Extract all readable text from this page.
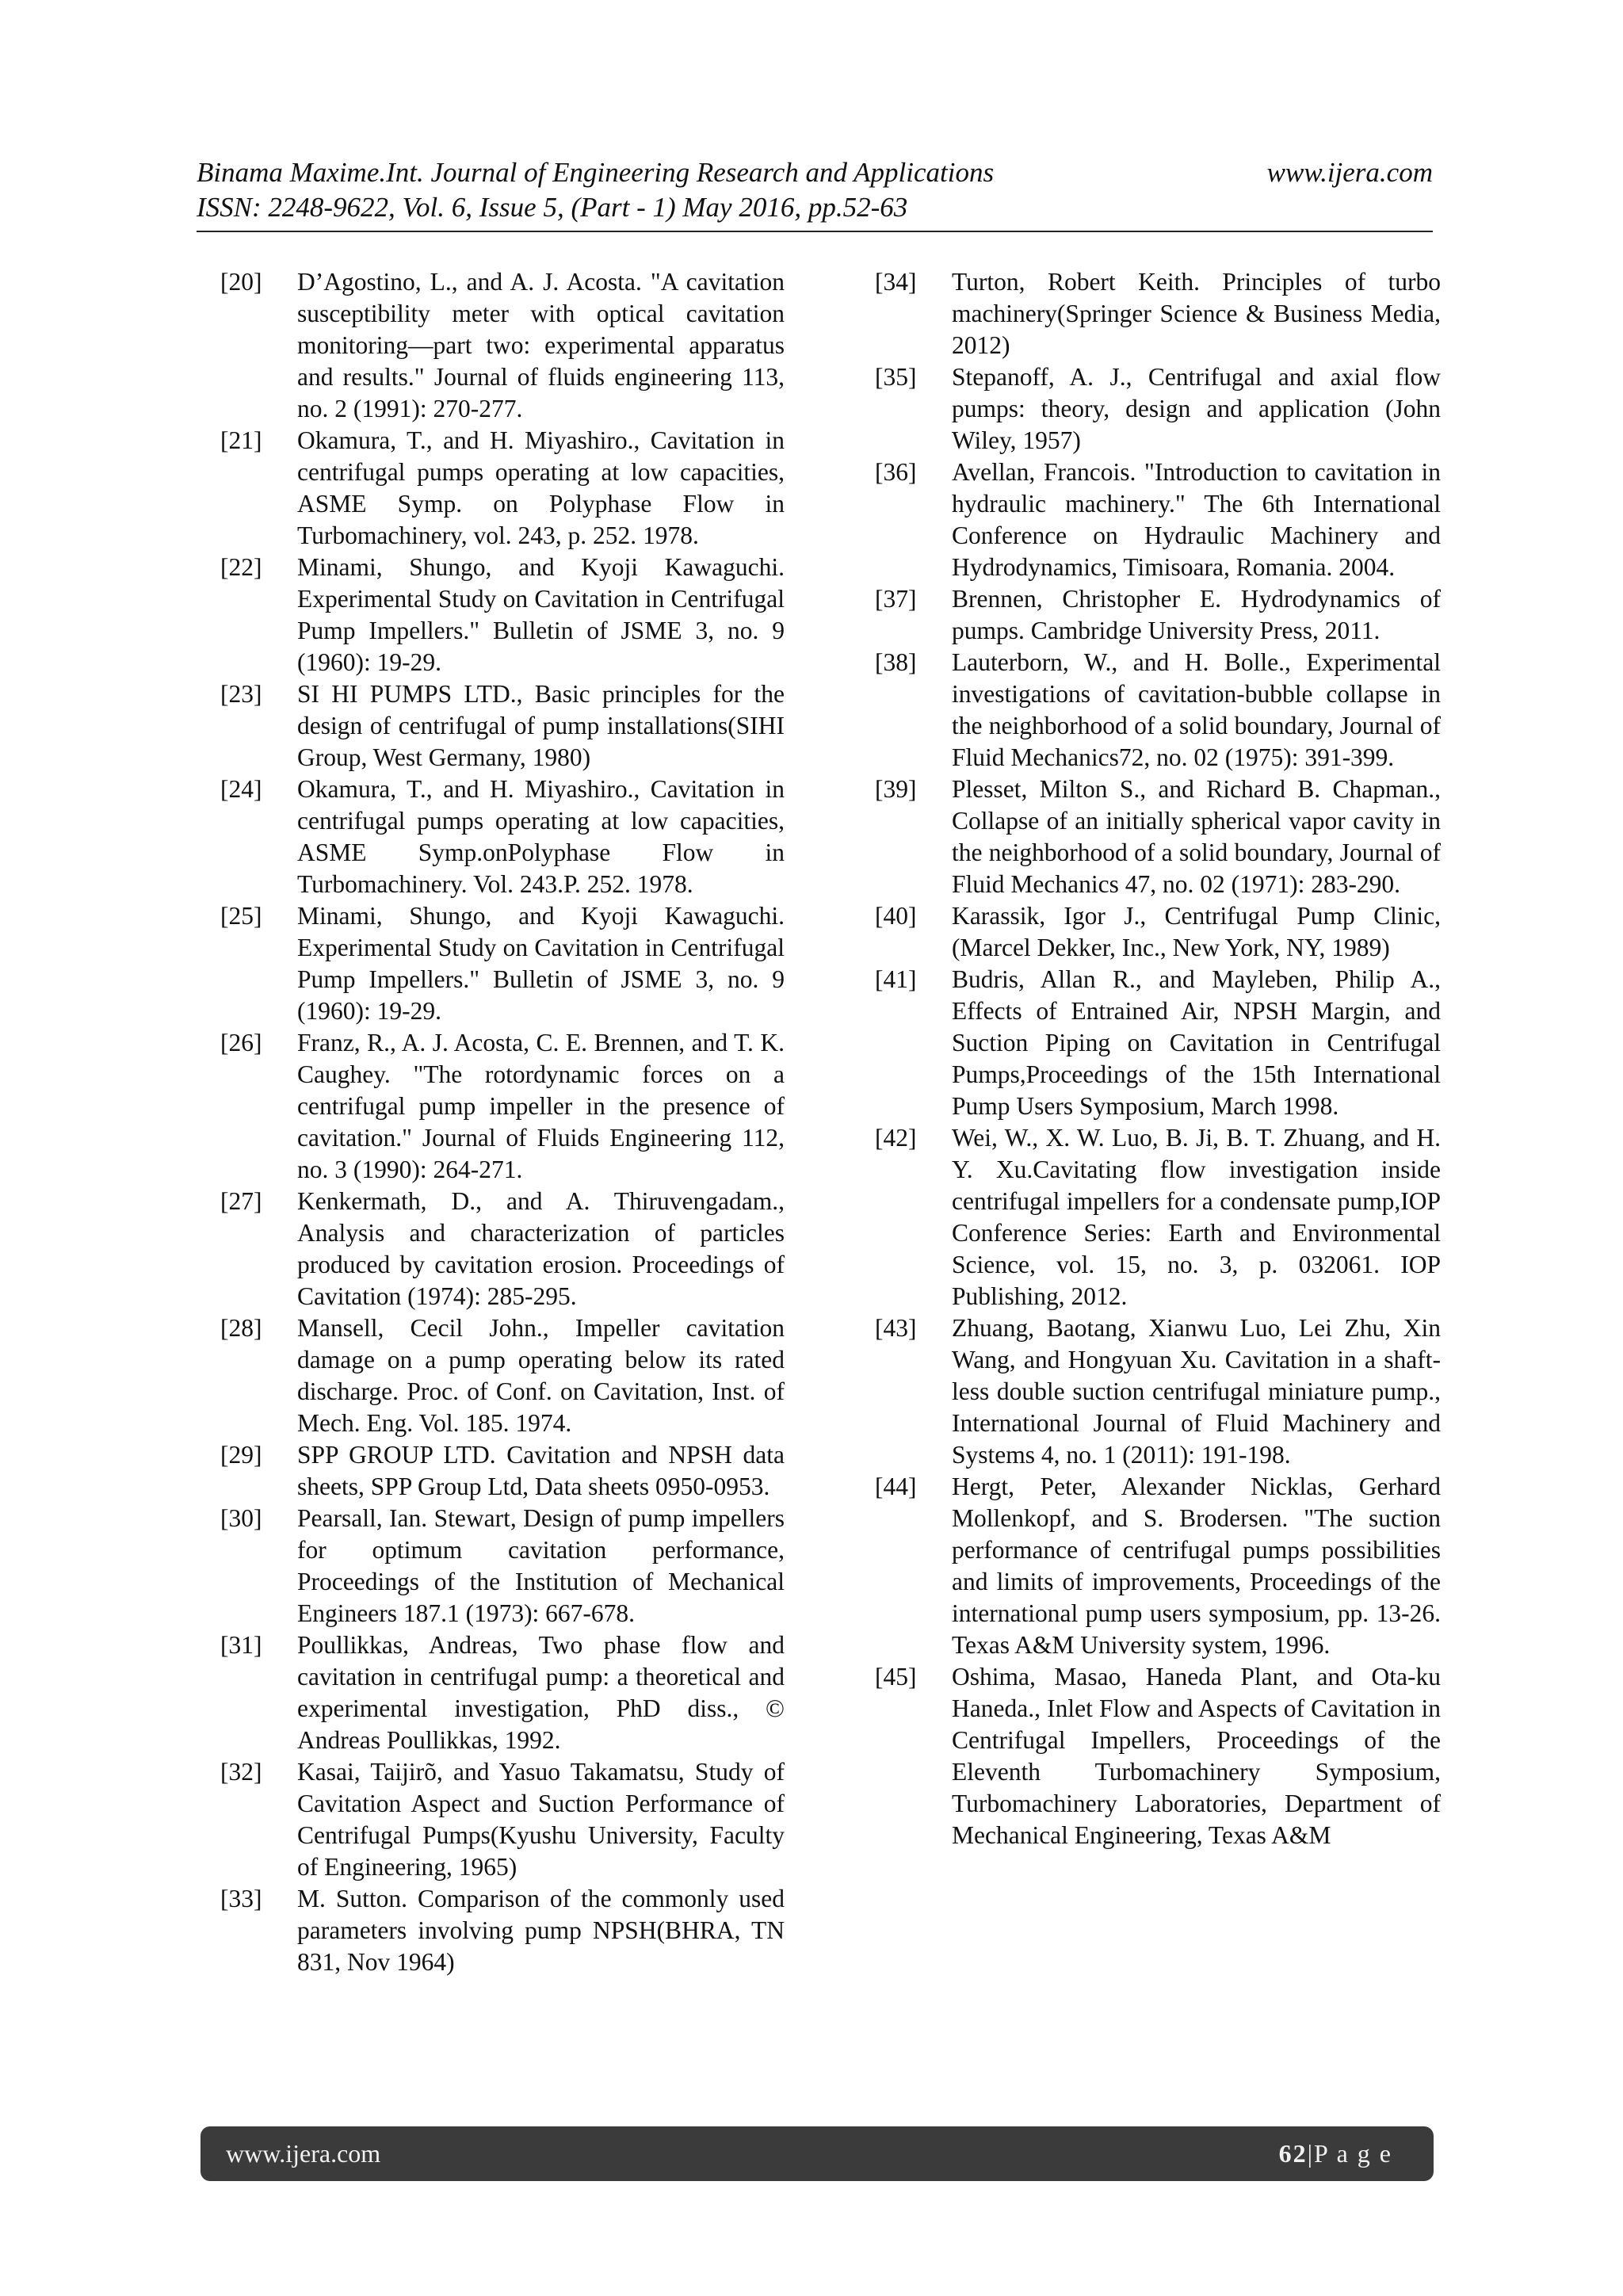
Binama Maxime.Int. Journal of Engineering Research and Applications	www.ijera.com
ISSN: 2248-9622, Vol. 6, Issue 5, (Part - 1) May 2016, pp.52-63
[20]	D’Agostino, L., and A. J. Acosta. "A cavitation susceptibility meter with optical cavitation monitoring—part two: experimental apparatus and results." Journal of fluids engineering 113, no. 2 (1991): 270-277.
[21]	Okamura, T., and H. Miyashiro., Cavitation in centrifugal pumps operating at low capacities, ASME Symp. on Polyphase Flow in Turbomachinery, vol. 243, p. 252. 1978.
[22]	Minami, Shungo, and Kyoji Kawaguchi. Experimental Study on Cavitation in Centrifugal Pump Impellers." Bulletin of JSME 3, no. 9 (1960): 19-29.
[23]	SI HI PUMPS LTD., Basic principles for the design of centrifugal of pump installations(SIHI Group, West Germany, 1980)
[24]	Okamura, T., and H. Miyashiro., Cavitation in centrifugal pumps operating at low capacities, ASME Symp.onPolyphase Flow in Turbomachinery. Vol. 243.P. 252. 1978.
[25]	Minami, Shungo, and Kyoji Kawaguchi. Experimental Study on Cavitation in Centrifugal Pump Impellers." Bulletin of JSME 3, no. 9 (1960): 19-29.
[26]	Franz, R., A. J. Acosta, C. E. Brennen, and T. K. Caughey. "The rotordynamic forces on a centrifugal pump impeller in the presence of cavitation." Journal of Fluids Engineering 112, no. 3 (1990): 264-271.
[27]	Kenkermath, D., and A. Thiruvengadam., Analysis and characterization of particles produced by cavitation erosion. Proceedings of Cavitation (1974): 285-295.
[28]	Mansell, Cecil John., Impeller cavitation damage on a pump operating below its rated discharge. Proc. of Conf. on Cavitation, Inst. of Mech. Eng. Vol. 185. 1974.
[29]	SPP GROUP LTD. Cavitation and NPSH data sheets, SPP Group Ltd, Data sheets 0950-0953.
[30]	Pearsall, Ian. Stewart, Design of pump impellers for optimum cavitation performance, Proceedings of the Institution of Mechanical Engineers 187.1 (1973): 667-678.
[31]	Poullikkas, Andreas, Two phase flow and cavitation in centrifugal pump: a theoretical and experimental investigation, PhD diss., © Andreas Poullikkas, 1992.
[32]	Kasai, Taijirõ, and Yasuo Takamatsu, Study of Cavitation Aspect and Suction Performance of Centrifugal Pumps(Kyushu University, Faculty of Engineering, 1965)
[33]	M. Sutton. Comparison of the commonly used parameters involving pump NPSH(BHRA, TN 831, Nov 1964)
[34]	Turton, Robert Keith. Principles of turbo machinery(Springer Science & Business Media, 2012)
[35]	Stepanoff, A. J., Centrifugal and axial flow pumps: theory, design and application (John Wiley, 1957)
[36]	Avellan, Francois. "Introduction to cavitation in hydraulic machinery." The 6th International Conference on Hydraulic Machinery and Hydrodynamics, Timisoara, Romania. 2004.
[37]	Brennen, Christopher E. Hydrodynamics of pumps. Cambridge University Press, 2011.
[38]	Lauterborn, W., and H. Bolle., Experimental investigations of cavitation-bubble collapse in the neighborhood of a solid boundary, Journal of Fluid Mechanics72, no. 02 (1975): 391-399.
[39]	Plesset, Milton S., and Richard B. Chapman., Collapse of an initially spherical vapor cavity in the neighborhood of a solid boundary, Journal of Fluid Mechanics 47, no. 02 (1971): 283-290.
[40]	Karassik, Igor J., Centrifugal Pump Clinic, (Marcel Dekker, Inc., New York, NY, 1989)
[41]	Budris, Allan R., and Mayleben, Philip A., Effects of Entrained Air, NPSH Margin, and Suction Piping on Cavitation in Centrifugal Pumps,Proceedings of the 15th International Pump Users Symposium, March 1998.
[42]	Wei, W., X. W. Luo, B. Ji, B. T. Zhuang, and H. Y. Xu.Cavitating flow investigation inside centrifugal impellers for a condensate pump,IOP Conference Series: Earth and Environmental Science, vol. 15, no. 3, p. 032061. IOP Publishing, 2012.
[43]	Zhuang, Baotang, Xianwu Luo, Lei Zhu, Xin Wang, and Hongyuan Xu. Cavitation in a shaft-less double suction centrifugal miniature pump., International Journal of Fluid Machinery and Systems 4, no. 1 (2011): 191-198.
[44]	Hergt, Peter, Alexander Nicklas, Gerhard Mollenkopf, and S. Brodersen. "The suction performance of centrifugal pumps possibilities and limits of improvements, Proceedings of the international pump users symposium, pp. 13-26. Texas A&M University system, 1996.
[45]	Oshima, Masao, Haneda Plant, and Ota-ku Haneda., Inlet Flow and Aspects of Cavitation in Centrifugal Impellers, Proceedings of the Eleventh Turbomachinery Symposium, Turbomachinery Laboratories, Department of Mechanical Engineering, Texas A&M
www.ijera.com	62|P a g e
